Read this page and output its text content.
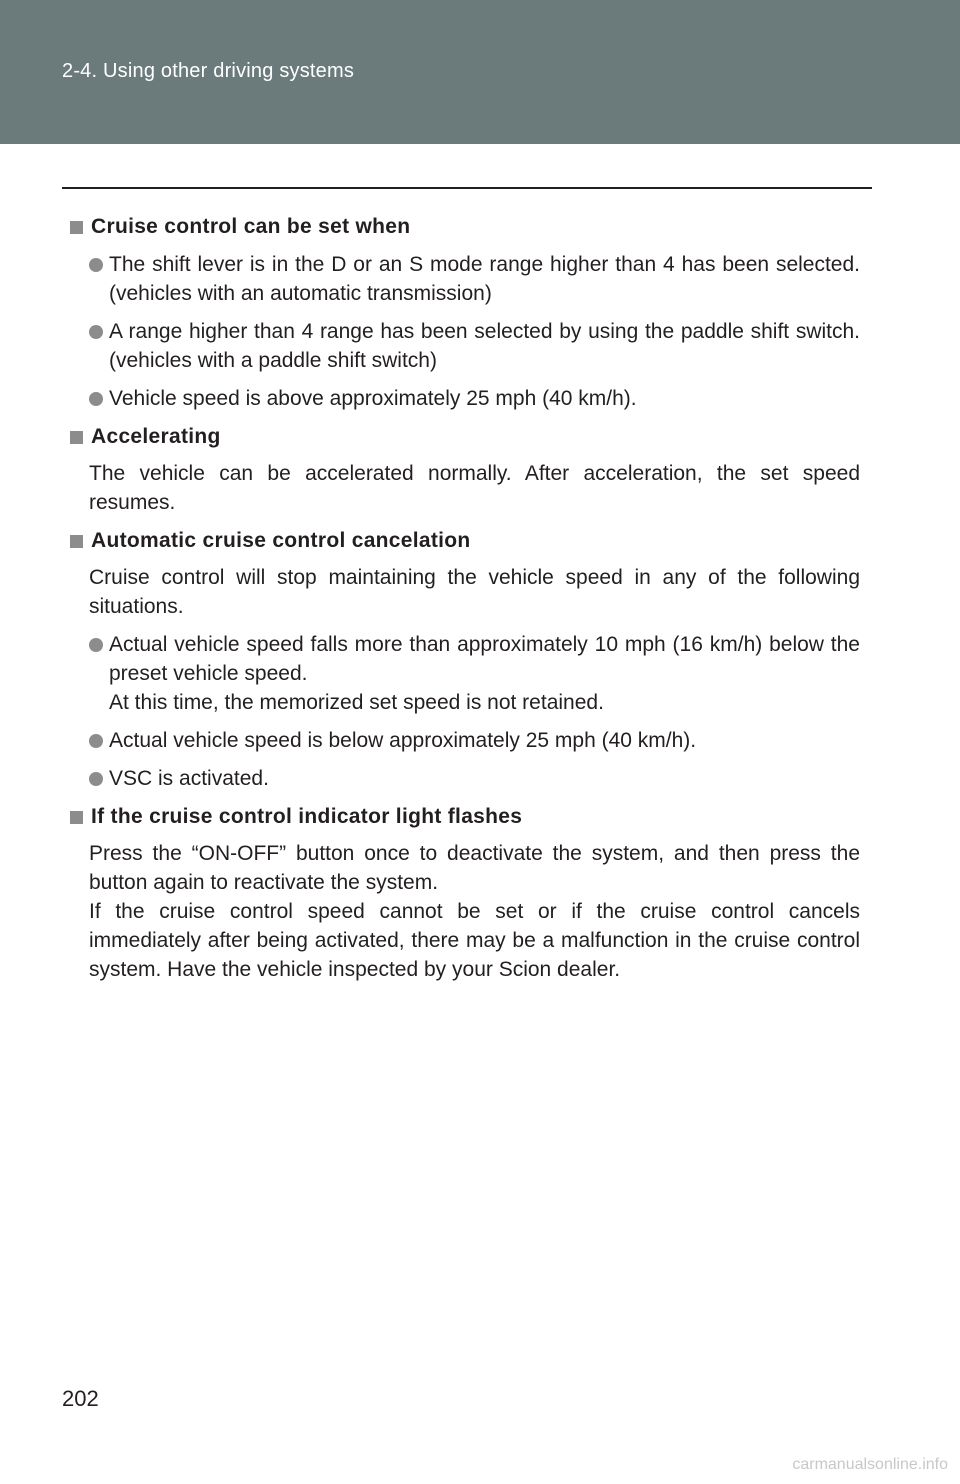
2-4. Using other driving systems
Cruise control can be set when
The shift lever is in the D or an S mode range higher than 4 has been selected. (vehicles with an automatic transmission)
A range higher than 4 range has been selected by using the paddle shift switch. (vehicles with a paddle shift switch)
Vehicle speed is above approximately 25 mph (40 km/h).
Accelerating
The vehicle can be accelerated normally. After acceleration, the set speed resumes.
Automatic cruise control cancelation
Cruise control will stop maintaining the vehicle speed in any of the following situations.
Actual vehicle speed falls more than approximately 10 mph (16 km/h) below the preset vehicle speed.
At this time, the memorized set speed is not retained.
Actual vehicle speed is below approximately 25 mph (40 km/h).
VSC is activated.
If the cruise control indicator light flashes
Press the “ON-OFF” button once to deactivate the system, and then press the button again to reactivate the system.
If the cruise control speed cannot be set or if the cruise control cancels immediately after being activated, there may be a malfunction in the cruise control system. Have the vehicle inspected by your Scion dealer.
202
carmanualsonline.info
